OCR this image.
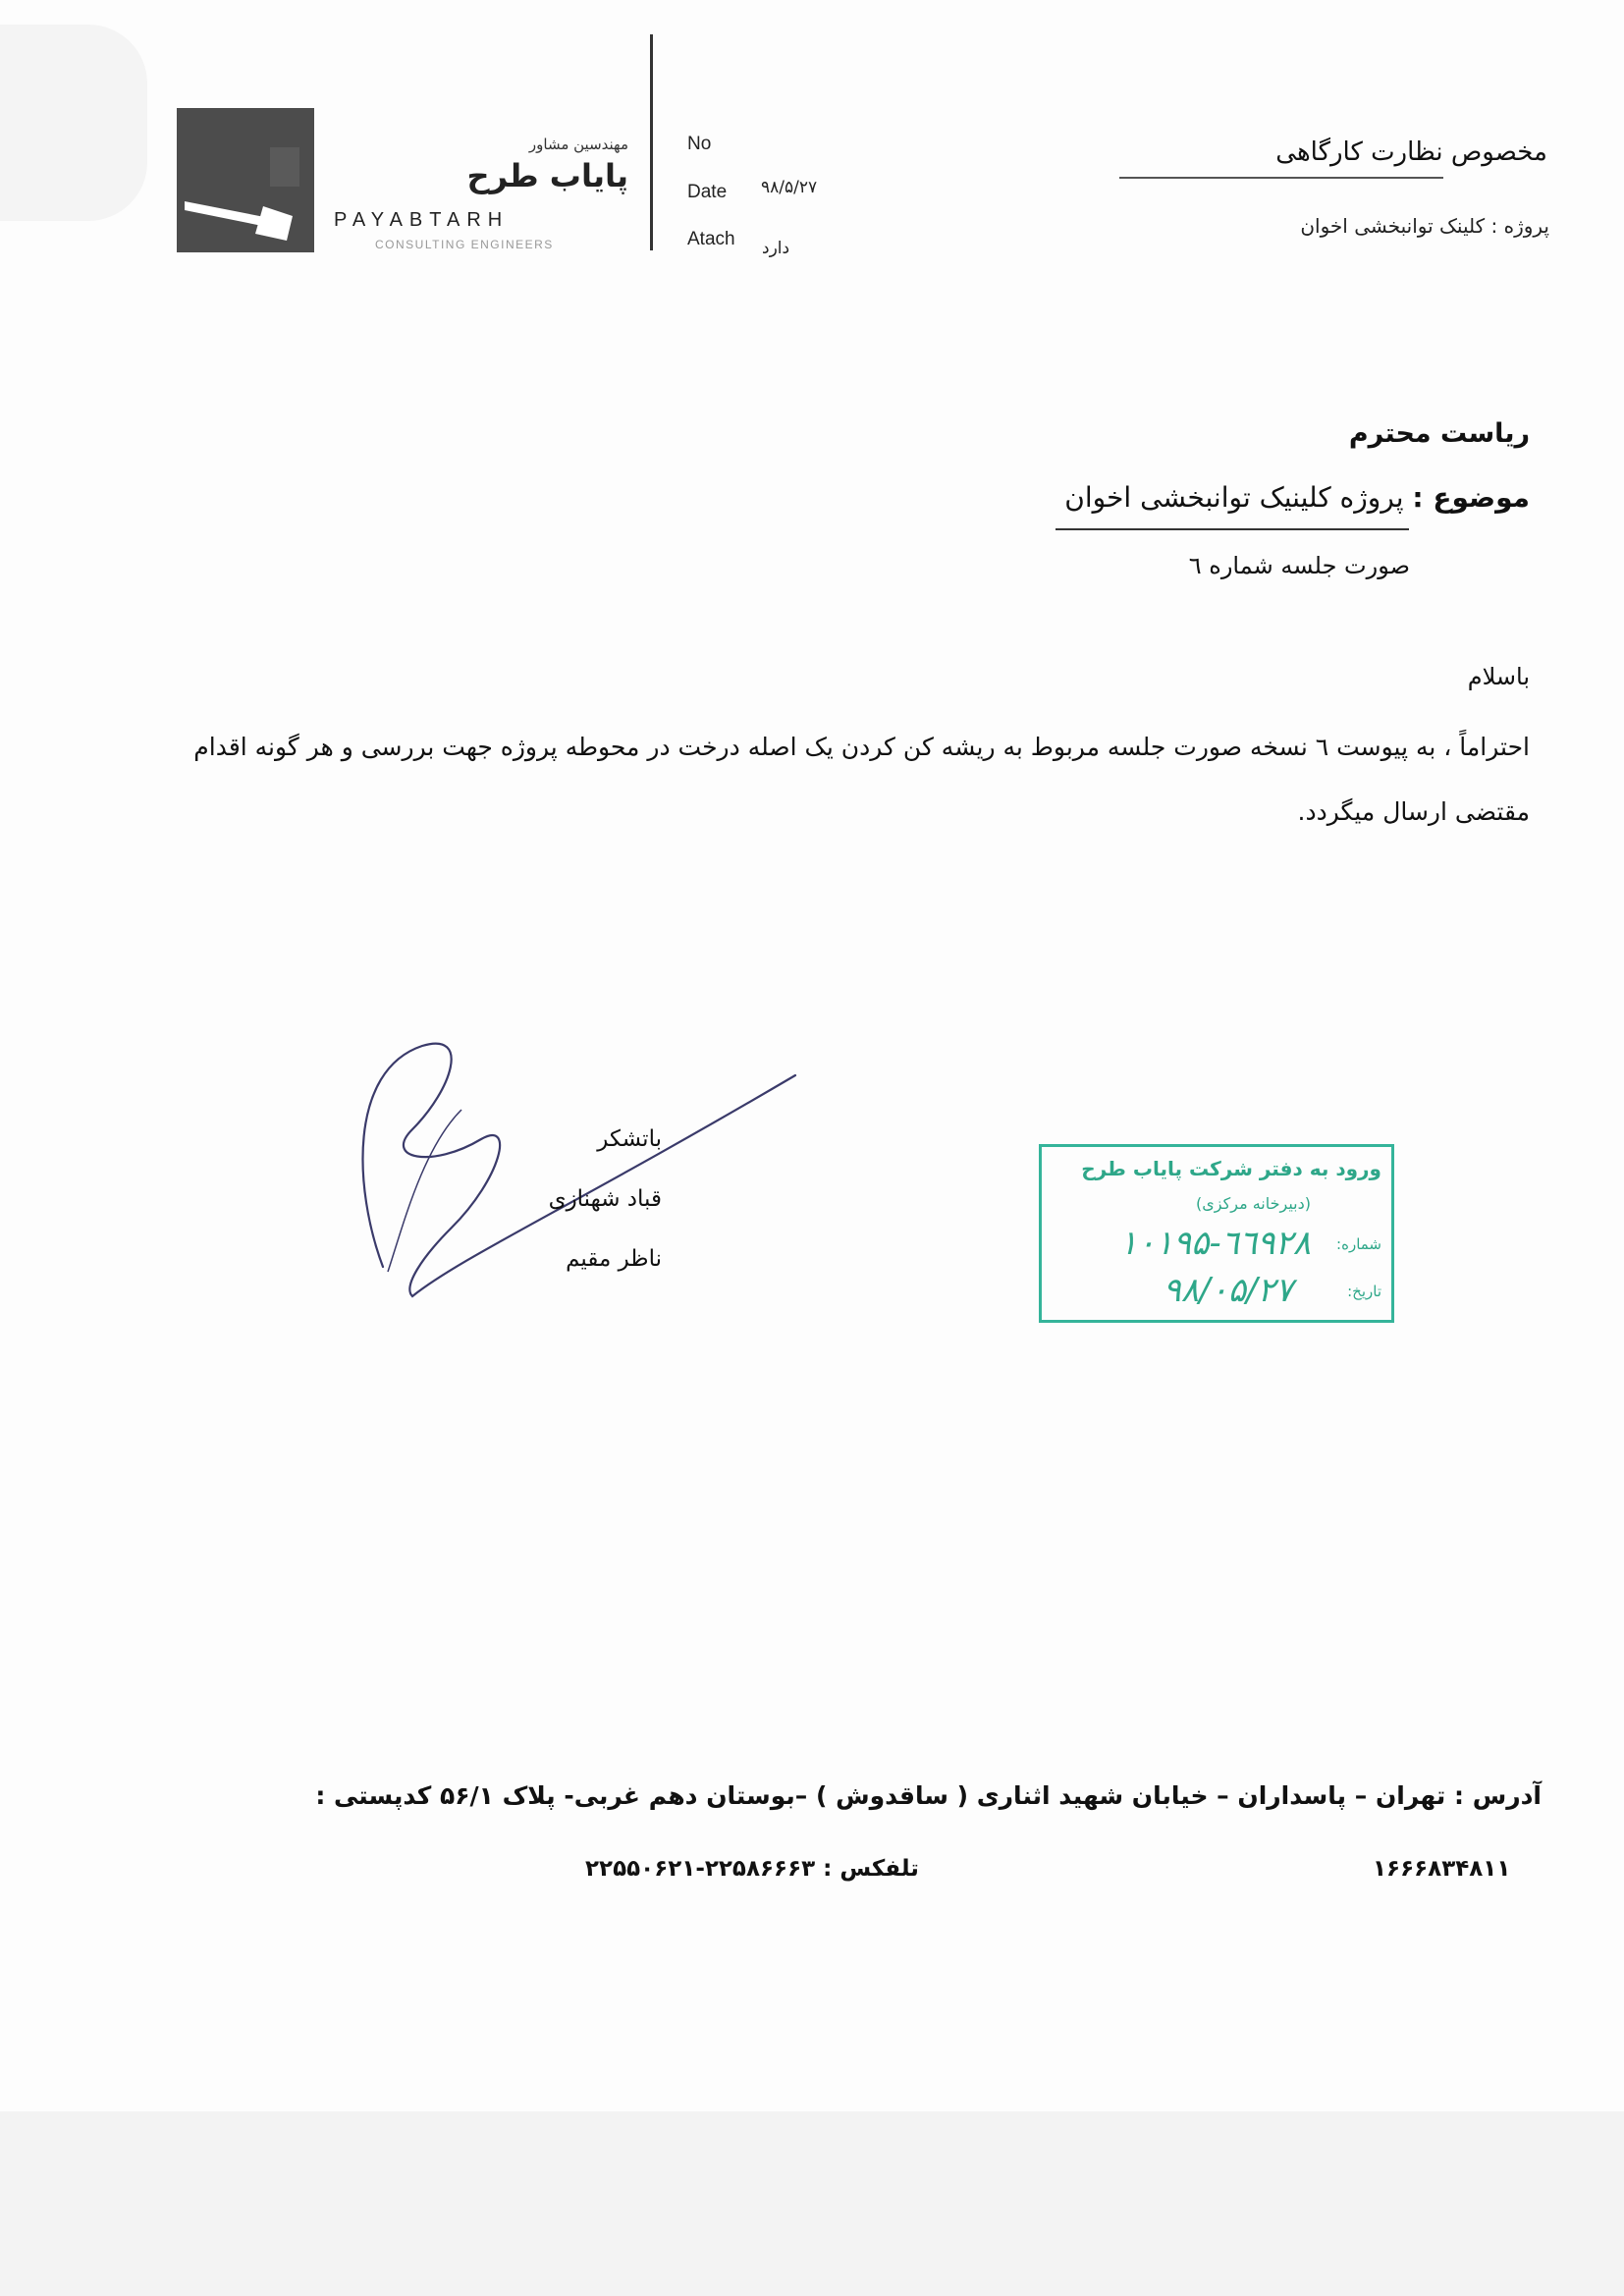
مهندسین مشاور
پایاب طرح
PAYABTARH
CONSULTING ENGINEERS
No
Date ۹۸/۵/۲۷
Atach دارد
مخصوص نظارت کارگاهی
پروژه : کلینک توانبخشی اخوان
ریاست محترم
موضوع : پروژه کلینیک توانبخشی اخوان
صورت جلسه شماره ٦
باسلام
احتراماً ، به پیوست ٦ نسخه صورت جلسه مربوط به ریشه کن کردن یک اصله درخت در محوطه پروژه جهت بررسی و هر گونه اقدام مقتضی ارسال میگردد.
باتشکر
قباد شهنازی
ناظر مقیم
ورود به دفتر شرکت پایاب طرح
(دبیرخانه مرکزی)
شماره:
۱۰۱۹۵-٦٦٩٢٨
تاریخ:
۹۸/۰۵/۲۷
آدرس : تهران – پاسداران – خیابان شهید اثناری ( ساقدوش ) –بوستان دهم غربی- پلاک ۵۶/۱ کدپستی :
تلفکس : ۲۲۵۸۶۶۶۳-۲۲۵۵۰۶۲۱	۱۶۶۶۸۳۴۸۱۱
